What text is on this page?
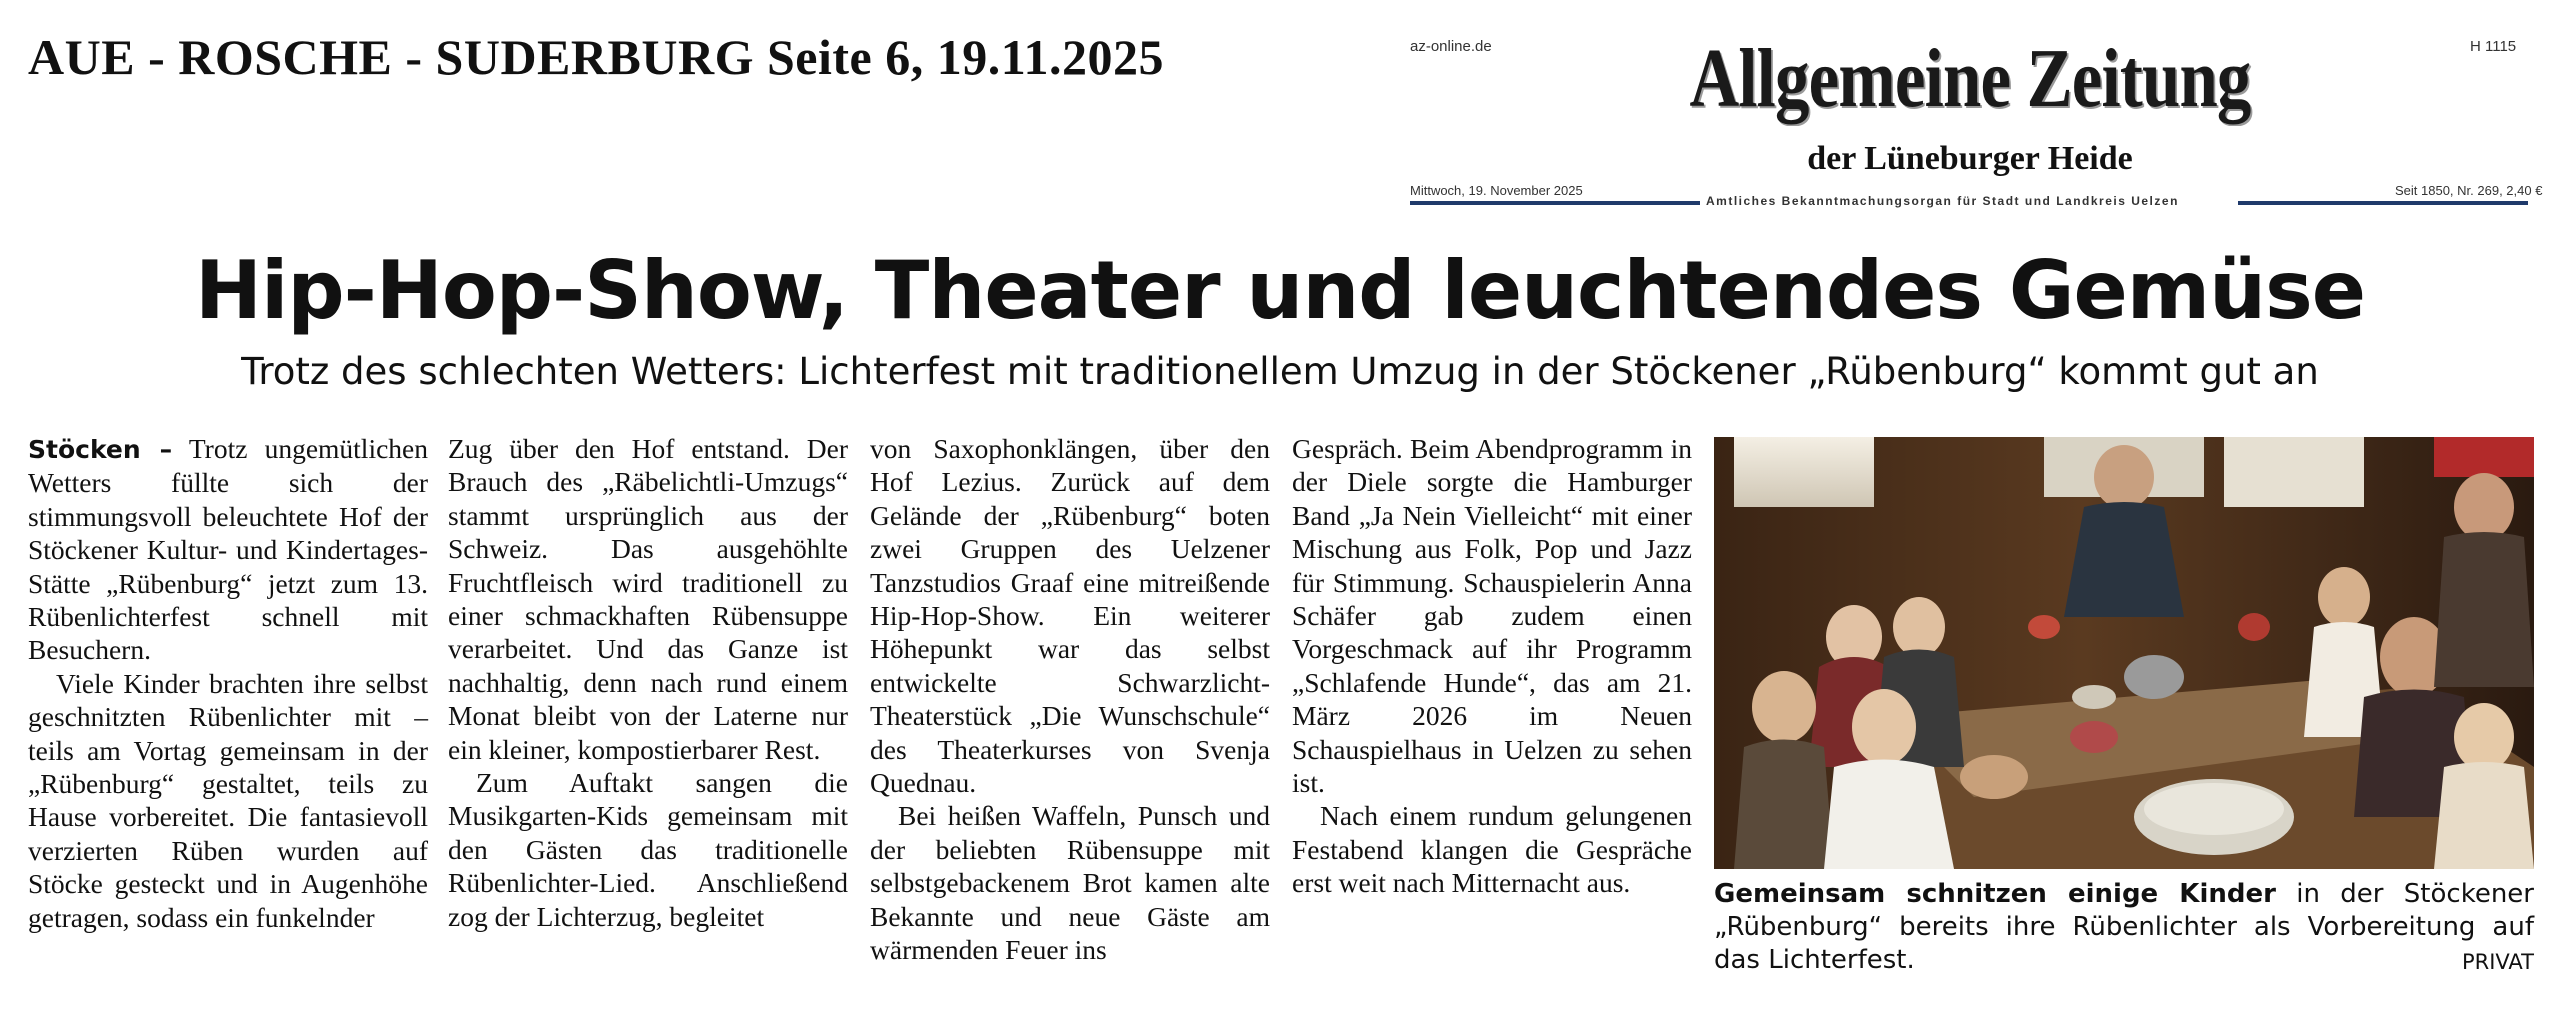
AUE - ROSCHE - SUDERBURG Seite 6, 19.11.2025	az-online.de	H 1115
Allgemeine Zeitung
der Lüneburger Heide
Mittwoch, 19. November 2025
Amtliches Bekanntmachungsorgan für Stadt und Landkreis Uelzen
Seit 1850, Nr. 269, 2,40 €
Hip-Hop-Show, Theater und leuchtendes Gemüse
Trotz des schlechten Wetters: Lichterfest mit traditionellem Umzug in der Stöckener „Rübenburg“ kommt gut an

Stöcken – Trotz ungemütlichen Wetters füllte sich der stimmungsvoll beleuchtete Hof der Stöckener Kultur- und Kindertages-Stätte „Rübenburg“ jetzt zum 13. Rübenlichterfest schnell mit Besuchern.

Viele Kinder brachten ihre selbst geschnitzten Rübenlichter mit – teils am Vortag gemeinsam in der „Rübenburg“ gestaltet, teils zu Hause vorbereitet. Die fantasievoll verzierten Rüben wurden auf Stöcke gesteckt und in Augenhöhe getragen, sodass ein funkelnder

Zug über den Hof entstand. Der Brauch des „Räbelichtli-Umzugs“ stammt ursprünglich aus der Schweiz. Das ausgehöhlte Fruchtfleisch wird traditionell zu einer schmackhaften Rübensuppe verarbeitet. Und das Ganze ist nachhaltig, denn nach rund einem Monat bleibt von der Laterne nur ein kleiner, kompostierbarer Rest.

Zum Auftakt sangen die Musikgarten-Kids gemeinsam mit den Gästen das traditionelle Rübenlichter-Lied. Anschließend zog der Lichterzug, begleitet

von Saxophonklängen, über den Hof Lezius. Zurück auf dem Gelände der „Rübenburg“ boten zwei Gruppen des Uelzener Tanzstudios Graaf eine mitreißende Hip-Hop-Show. Ein weiterer Höhepunkt war das selbst entwickelte Schwarzlicht-Theaterstück „Die Wunschschule“ des Theaterkurses von Svenja Quednau.

Bei heißen Waffeln, Punsch und der beliebten Rübensuppe mit selbstgebackenem Brot kamen alte Bekannte und neue Gäste am wärmenden Feuer ins

Gespräch. Beim Abendprogramm in der Diele sorgte die Hamburger Band „Ja Nein Vielleicht“ mit einer Mischung aus Folk, Pop und Jazz für Stimmung. Schauspielerin Anna Schäfer gab zudem einen Vorgeschmack auf ihr Programm „Schlafende Hunde“, das am 21. März 2026 im Neuen Schauspielhaus in Uelzen zu sehen ist.

Nach einem rundum gelungenen Festabend klangen die Gespräche erst weit nach Mitternacht aus.	Gemeinsam schnitzen einige Kinder in der Stöckener „Rübenburg“ bereits ihre Rübenlichter als Vorbereitung auf das Lichterfest.	PRIVAT
